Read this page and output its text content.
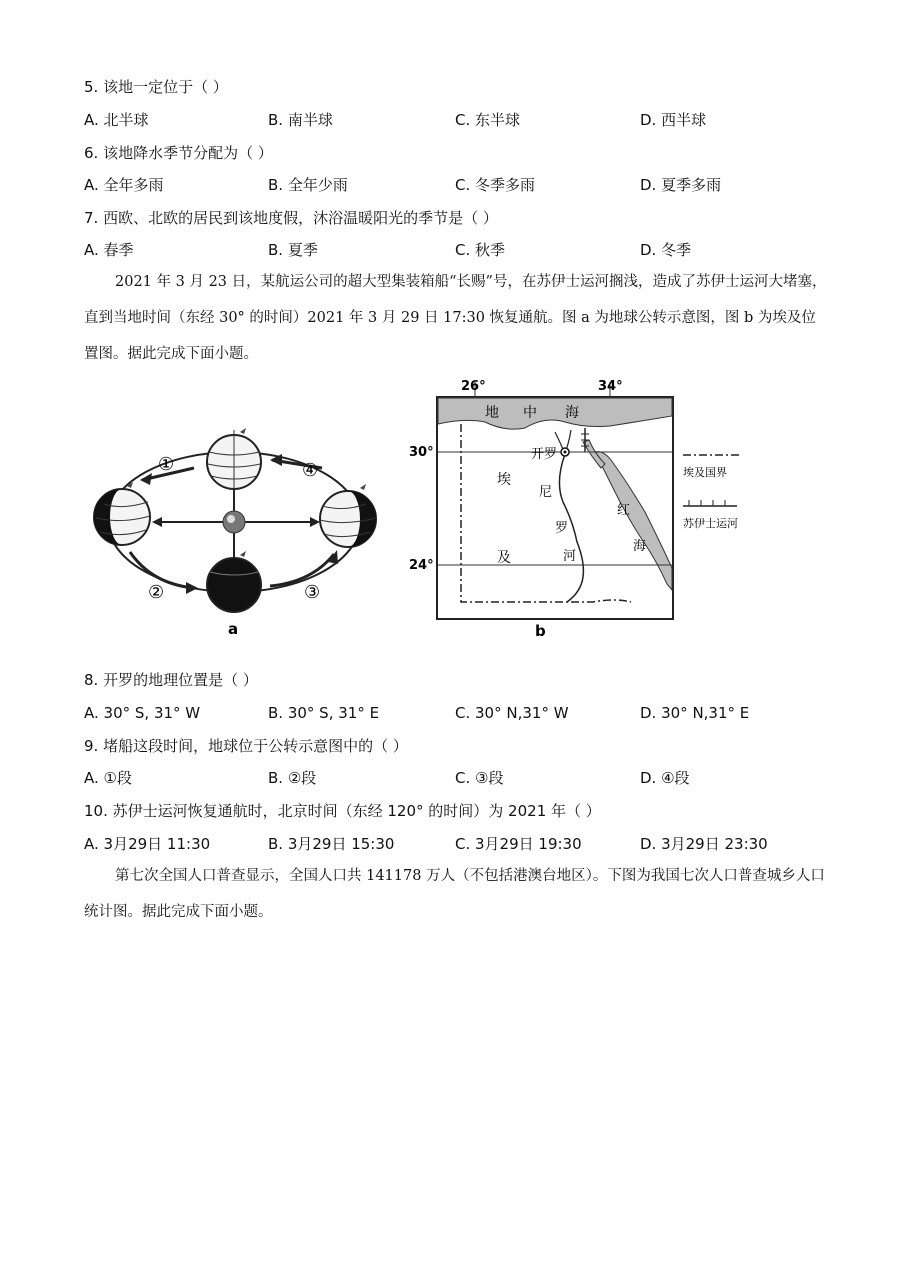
5. 该地一定位于（ ）
A. 北半球	B. 南半球	C. 东半球	D. 西半球
6. 该地降水季节分配为（ ）
A. 全年多雨	B. 全年少雨	C. 冬季多雨	D. 夏季多雨
7. 西欧、北欧的居民到该地度假，沐浴温暖阳光的季节是（ ）
A. 春季	B. 夏季	C. 秋季	D. 冬季
2021 年 3 月 23 日，某航运公司的超大型集装箱船“长赐”号，在苏伊士运河搁浅，造成了苏伊士运河大堵塞，直到当地时间（东经 30° 的时间）2021 年 3 月 29 日 17:30 恢复通航。图 a 为地球公转示意图，图 b 为埃及位置图。据此完成下面小题。
①	④
②	③
a
26°	34°
30°
24°
地 中 海
开罗
埃
及
尼
罗
河
红
海
埃及国界
苏伊士运河
b
8. 开罗的地理位置是（ ）
A. 30° S, 31° W	B. 30° S, 31° E	C. 30° N,31° W	D. 30° N,31° E
9. 堵船这段时间，地球位于公转示意图中的（ ）
A. ①段	B. ②段	C. ③段	D. ④段
10. 苏伊士运河恢复通航时，北京时间（东经 120° 的时间）为 2021 年（ ）
A. 3月29日 11:30	B. 3月29日 15:30	C. 3月29日 19:30	D. 3月29日 23:30
第七次全国人口普查显示，全国人口共 141178 万人（不包括港澳台地区）。下图为我国七次人口普查城乡人口统计图。据此完成下面小题。
